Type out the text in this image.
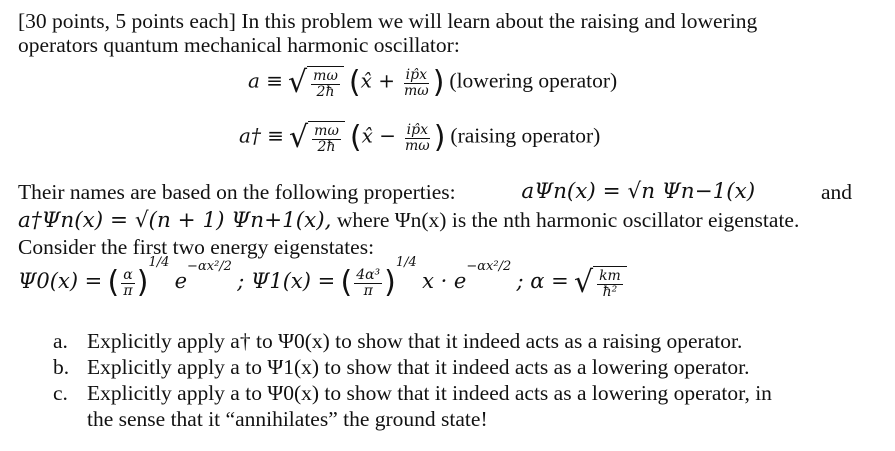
[30 points, 5 points each] In this problem we will learn about the raising and lowering
operators quantum mechanical harmonic oscillator:
a ≡ √ $\frac{m\omega}{2ħ}$ (x̂ + $\frac{ip̂x}{m\omega}$ ) (lowering operator)
a† ≡ √ $\frac{m\omega}{2ħ}$ (x̂ − $\frac{ip̂x}{m\omega}$ ) (raising operator)
Their names are based on the following properties:	aΨn(x) = √n Ψn−1(x)	and
a†Ψn(x) = √(n + 1) Ψn+1(x), where Ψn(x) is the nth harmonic oscillator eigenstate.
Consider the first two energy eigenstates:
Ψ0(x) = ( $\frac{\alpha}{\pi} )^{1/4}$ $e^{-\alpha x^2/2}$ ; Ψ1(x) = ( $\frac{\text{4α³}}{\pi} )^{1/4}$ $x \cdot e^{-\alpha x^2/2}$ ; α = √ $\frac{km}{\text{ħ²}}$
a. Explicitly apply a† to Ψ0(x) to show that it indeed acts as a raising operator.
b. Explicitly apply a to Ψ1(x) to show that it indeed acts as a lowering operator.
c. Explicitly apply a to Ψ0(x) to show that it indeed acts as a lowering operator, in
the sense that it “annihilates” the ground state!
